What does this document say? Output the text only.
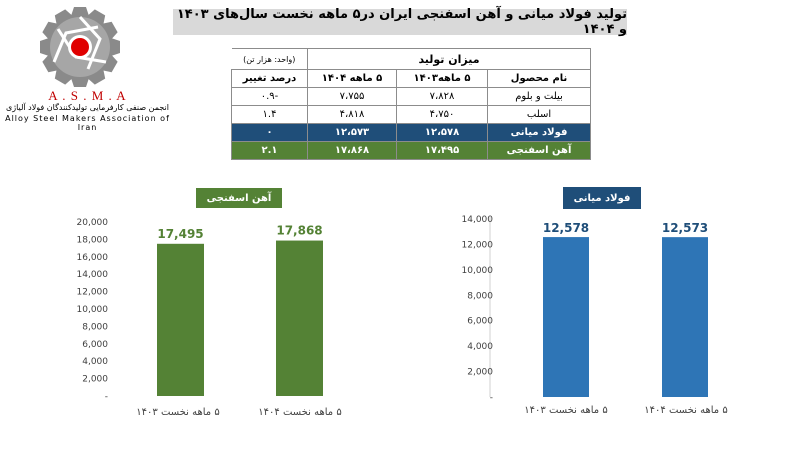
تولید فولاد میانی و آهن اسفنجی ایران در۵ ماهه نخست سال‌های ۱۴۰۳ و ۱۴۰۴
A . S . M . A
انجمن صنفی کارفرمایی تولیدکنندگان فولاد آلیاژی
Alloy Steel Makers Association of Iran
میزان تولید			(واحد: هزار تن)
نام محصول	۵ ماهه۱۴۰۳	۵ ماهه ۱۴۰۴	درصد تغییر
بیلت و بلوم	۷،۸۲۸	۷،۷۵۵	-۰.۹
اسلب	۴،۷۵۰	۴،۸۱۸	۱.۴
فولاد میانی	۱۲،۵۷۸	۱۲،۵۷۳	۰
آهن اسفنجی	۱۷،۴۹۵	۱۷،۸۶۸	۲.۱
آهن اسفنجی	فولاد میانی
-
2,000
4,000
6,000
8,000
10,000
12,000
14,000
16,000
18,000
20,000
17,495
۵ ماهه نخست ۱۴۰۳
17,868
۵ ماهه نخست ۱۴۰۴
-
2,000
4,000
6,000
8,000
10,000
12,000
14,000
12,578
۵ ماهه نخست ۱۴۰۳
12,573
۵ ماهه نخست ۱۴۰۴
